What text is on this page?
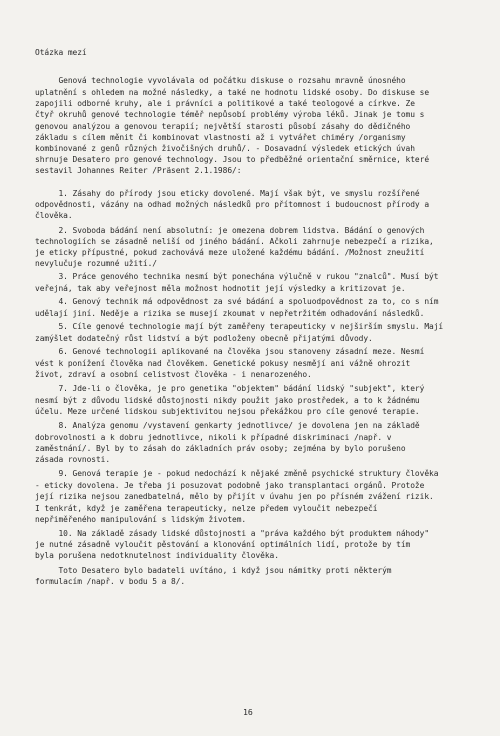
Otázka mezí
Genová technologie vyvolávala od počátku diskuse o rozsahu mravně únosného
uplatnění s ohledem na možné následky, a také ne hodnotu lidské osoby. Do diskuse se
zapojili odborné kruhy, ale i právníci a politikové a také teologové a církve. Ze
čtyř okruhů genové technologie téměř nepůsobí problémy výroba léků. Jinak je tomu s
genovou analýzou a genovou terapií; největší starosti působí zásahy do dědičného
základu s cílem měnit či kombinovat vlastnosti až i vytvářet chiméry /organismy
kombinované z genů různých živočišných druhů/. - Dosavadní výsledek etických úvah
shrnuje Desatero pro genové technology. Jsou to předběžné orientační směrnice, které
sestavil Johannes Reiter /Präsent 2.1.1986/:
1. Zásahy do přírody jsou eticky dovolené. Mají však být, ve smyslu rozšířené
odpovědnosti, vázány na odhad možných následků pro přítomnost i budoucnost přírody a
člověka.
2. Svoboda bádání není absolutní: je omezena dobrem lidstva. Bádání o genových
technologiích se zásadně neliší od jiného bádání. Ačkoli zahrnuje nebezpečí a rizika,
je eticky přípustné, pokud zachovává meze uložené každému bádání. /Možnost zneužití
nevylučuje rozumné užití./
3. Práce genového technika nesmí být ponechána výlučně v rukou "znalců". Musí být
veřejná, tak aby veřejnost měla možnost hodnotit její výsledky a kritizovat je.
4. Genový technik má odpovědnost za své bádání a spoluodpovědnost za to, co s ním
udělají jiní. Neděje a rizika se musejí zkoumat v nepřetržitém odhadování následků.
5. Cíle genové technologie mají být zaměřeny terapeuticky v nejširším smyslu. Mají
zamýšlet dodatečný růst lidství a být podloženy obecně přijatými důvody.
6. Genové technologii aplikované na člověka jsou stanoveny zásadní meze. Nesmí
vést k ponížení člověka nad člověkem. Genetické pokusy nesmějí ani vážně ohrozit
život, zdraví a osobní celistvost člověka - i nenarozeného.
7. Jde-li o člověka, je pro genetika "objektem" bádání lidský "subjekt", který
nesmí být z důvodu lidské důstojnosti nikdy použit jako prostředek, a to k žádnému
účelu. Meze určené lidskou subjektivitou nejsou překážkou pro cíle genové terapie.
8. Analýza genomu /vystavení genkarty jednotlivce/ je dovolena jen na základě
dobrovolnosti a k dobru jednotlivce, nikoli k případné diskriminaci /např. v
zaměstnání/. Byl by to zásah do základních práv osoby; zejména by bylo porušeno
zásada rovnosti.
9. Genová terapie je - pokud nedochází k nějaké změně psychické struktury člověka
- eticky dovolena. Je třeba ji posuzovat podobně jako transplantaci orgánů. Protože
její rizika nejsou zanedbatelná, mělo by přijít v úvahu jen po přísném zvážení rizik.
I tenkrát, když je zaměřena terapeuticky, nelze předem vyloučit nebezpečí
nepřiměřeného manipulování s lidským životem.
10. Na základě zásady lidské důstojnosti a "práva každého být produktem náhody"
je nutné zásadně vyloučit pěstování a klonování optimálních lidí, protože by tím
byla porušena nedotknutelnost individuality člověka.
Toto Desatero bylo badateli uvítáno, i když jsou námitky proti některým
formulacím /např. v bodu 5 a 8/.
16
